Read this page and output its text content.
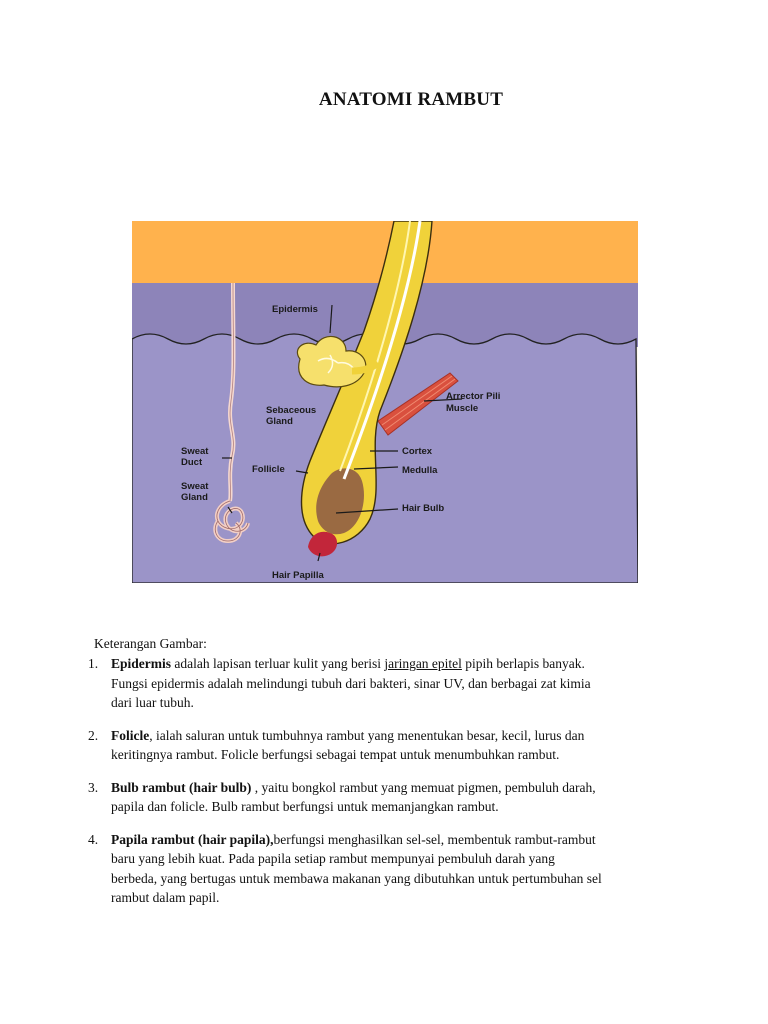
ANATOMI RAMBUT
Epidermis
Arrector Pili
Muscle
Sebaceous
Gland
Cortex
Sweat
Duct
Follicle	Medulla
Sweat
Gland
Hair Bulb
Hair Papilla
Keterangan Gambar:
1. Epidermis adalah lapisan terluar kulit yang berisi jaringan epitel pipih berlapis banyak.
Fungsi epidermis adalah melindungi tubuh dari bakteri, sinar UV, dan berbagai zat kimia
dari luar tubuh.
2. Folicle, ialah saluran untuk tumbuhnya rambut yang menentukan besar, kecil, lurus dan
keritingnya rambut. Folicle berfungsi sebagai tempat untuk menumbuhkan rambut.
3. Bulb rambut (hair bulb) , yaitu bongkol rambut yang memuat pigmen, pembuluh darah,
papila dan folicle. Bulb rambut berfungsi untuk memanjangkan rambut.
4. Papila rambut (hair papila),berfungsi menghasilkan sel-sel, membentuk rambut-rambut
baru yang lebih kuat. Pada papila setiap rambut mempunyai pembuluh darah yang
berbeda, yang bertugas untuk membawa makanan yang dibutuhkan untuk pertumbuhan sel
rambut dalam papil.
